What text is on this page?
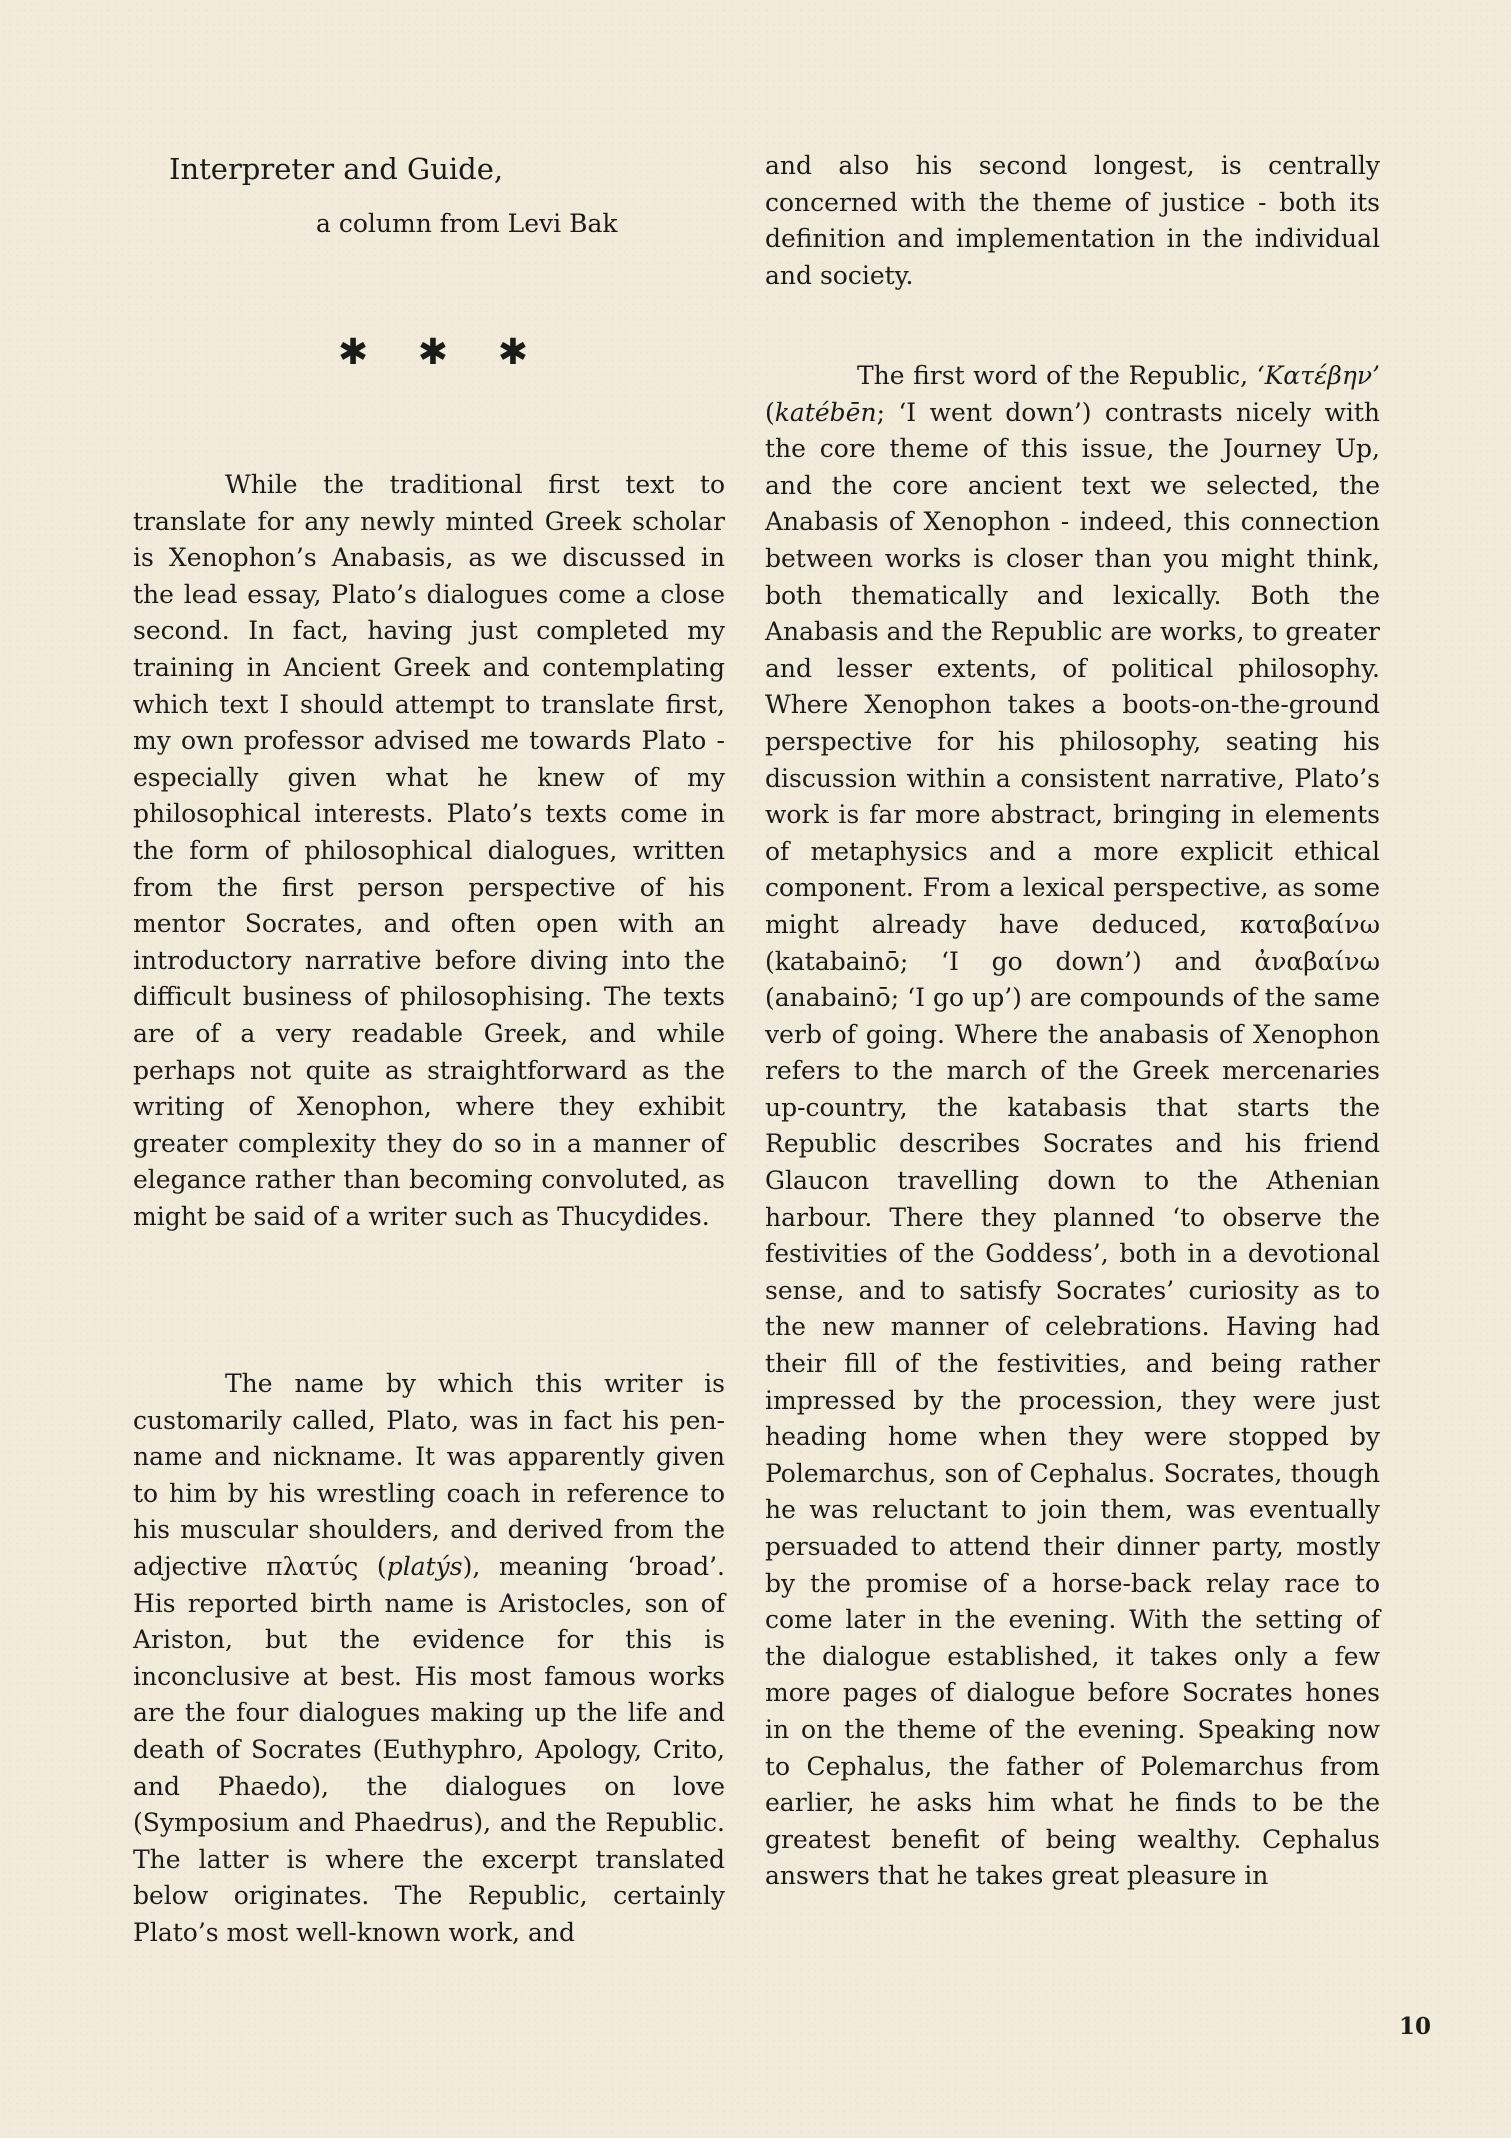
Interpreter and Guide,

a column from Levi Bak

✱ ✱ ✱

While the traditional first text to translate for any newly minted Greek scholar is Xenophon’s Anabasis, as we discussed in the lead essay, Plato’s dialogues come a close second. In fact, having just completed my training in Ancient Greek and contemplating which text I should attempt to translate first, my own professor advised me towards Plato - especially given what he knew of my philosophical interests. Plato’s texts come in the form of philosophical dialogues, written from the first person perspective of his mentor Socrates, and often open with an introductory narrative before diving into the difficult business of philosophising. The texts are of a very readable Greek, and while perhaps not quite as straightforward as the writing of Xenophon, where they exhibit greater complexity they do so in a manner of elegance rather than becoming convoluted, as might be said of a writer such as Thucydides.

The name by which this writer is customarily called, Plato, was in fact his pen-name and nickname. It was apparently given to him by his wrestling coach in reference to his muscular shoulders, and derived from the adjective πλατύς (platýs), meaning ‘broad’. His reported birth name is Aristocles, son of Ariston, but the evidence for this is inconclusive at best. His most famous works are the four dialogues making up the life and death of Socrates (Euthyphro, Apology, Crito, and Phaedo), the dialogues on love (Symposium and Phaedrus), and the Republic. The latter is where the excerpt translated below originates. The Republic, certainly Plato’s most well-known work, and

and also his second longest, is centrally concerned with the theme of justice - both its definition and implementation in the individual and society.

The first word of the Republic, ‘Κατέβην’ (katébēn; ‘I went down’) contrasts nicely with the core theme of this issue, the Journey Up, and the core ancient text we selected, the Anabasis of Xenophon - indeed, this connection between works is closer than you might think, both thematically and lexically. Both the Anabasis and the Republic are works, to greater and lesser extents, of political philosophy. Where Xenophon takes a boots-on-the-ground perspective for his philosophy, seating his discussion within a consistent narrative, Plato’s work is far more abstract, bringing in elements of metaphysics and a more explicit ethical component. From a lexical perspective, as some might already have deduced, καταβαίνω (katabainō; ‘I go down’) and ἀναβαίνω (anabainō; ‘I go up’) are compounds of the same verb of going. Where the anabasis of Xenophon refers to the march of the Greek mercenaries up-country, the katabasis that starts the Republic describes Socrates and his friend Glaucon travelling down to the Athenian harbour. There they planned ‘to observe the festivities of the Goddess’, both in a devotional sense, and to satisfy Socrates’ curiosity as to the new manner of celebrations. Having had their fill of the festivities, and being rather impressed by the procession, they were just heading home when they were stopped by Polemarchus, son of Cephalus. Socrates, though he was reluctant to join them, was eventually persuaded to attend their dinner party, mostly by the promise of a horse-back relay race to come later in the evening. With the setting of the dialogue established, it takes only a few more pages of dialogue before Socrates hones in on the theme of the evening. Speaking now to Cephalus, the father of Polemarchus from earlier, he asks him what he finds to be the greatest benefit of being wealthy. Cephalus answers that he takes great pleasure in

10
